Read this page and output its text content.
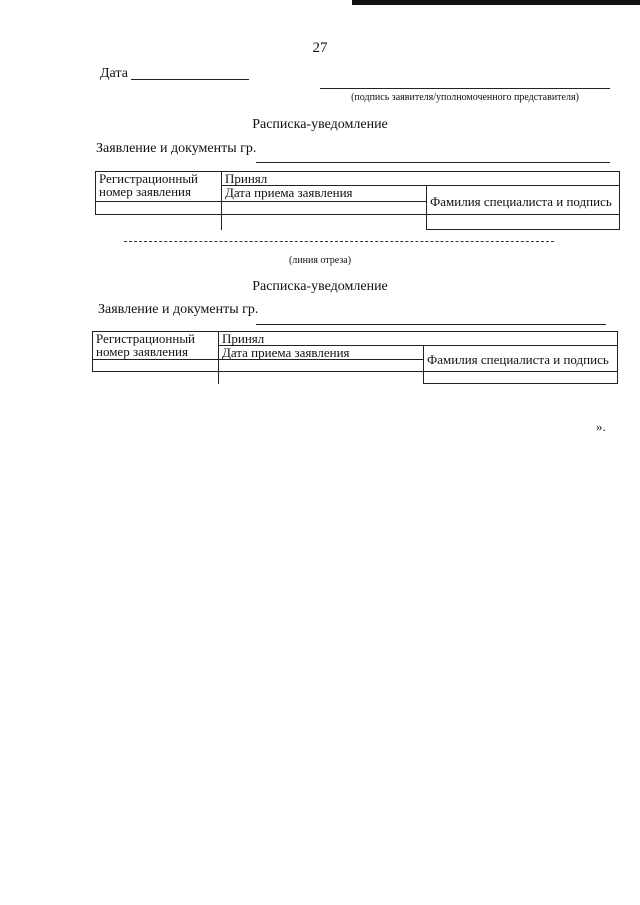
27
Дата
(подпись заявителя/уполномоченного представителя)
Расписка-уведомление
Заявление и документы гр.
Регистрационный номер заявления	Принял	
	Дата приема заявления	Фамилия специалиста и подпись

(линия отреза)
Расписка-уведомление
Заявление и документы гр.
Регистрационный номер заявления	Принял	
	Дата приема заявления	Фамилия специалиста и подпись

».
